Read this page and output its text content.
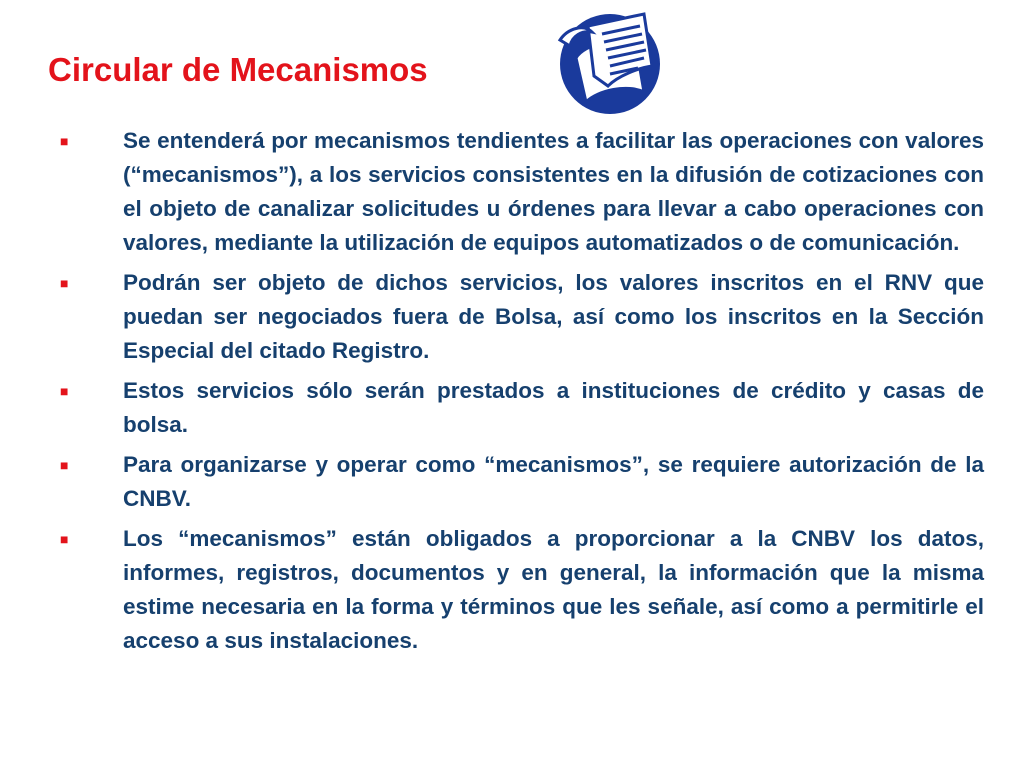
Circular de Mecanismos
■	Se entenderá por mecanismos tendientes a facilitar las operaciones con valores (“mecanismos”), a los servicios consistentes en la difusión de cotizaciones con el objeto de canalizar solicitudes u órdenes para llevar a cabo operaciones con valores, mediante la utilización de equipos automatizados o de comunicación.
■	Podrán ser objeto de dichos servicios, los valores inscritos en el RNV que puedan ser negociados fuera de Bolsa, así como los inscritos en la Sección Especial del citado Registro.
■	Estos servicios sólo serán prestados a instituciones de crédito y casas de bolsa.
■	Para organizarse y operar como “mecanismos”, se requiere autorización de la CNBV.
■	Los “mecanismos” están obligados a proporcionar a la CNBV los datos, informes, registros, documentos y en general, la información que la misma estime necesaria en la forma y términos que les señale, así como a permitirle el acceso a sus instalaciones.
